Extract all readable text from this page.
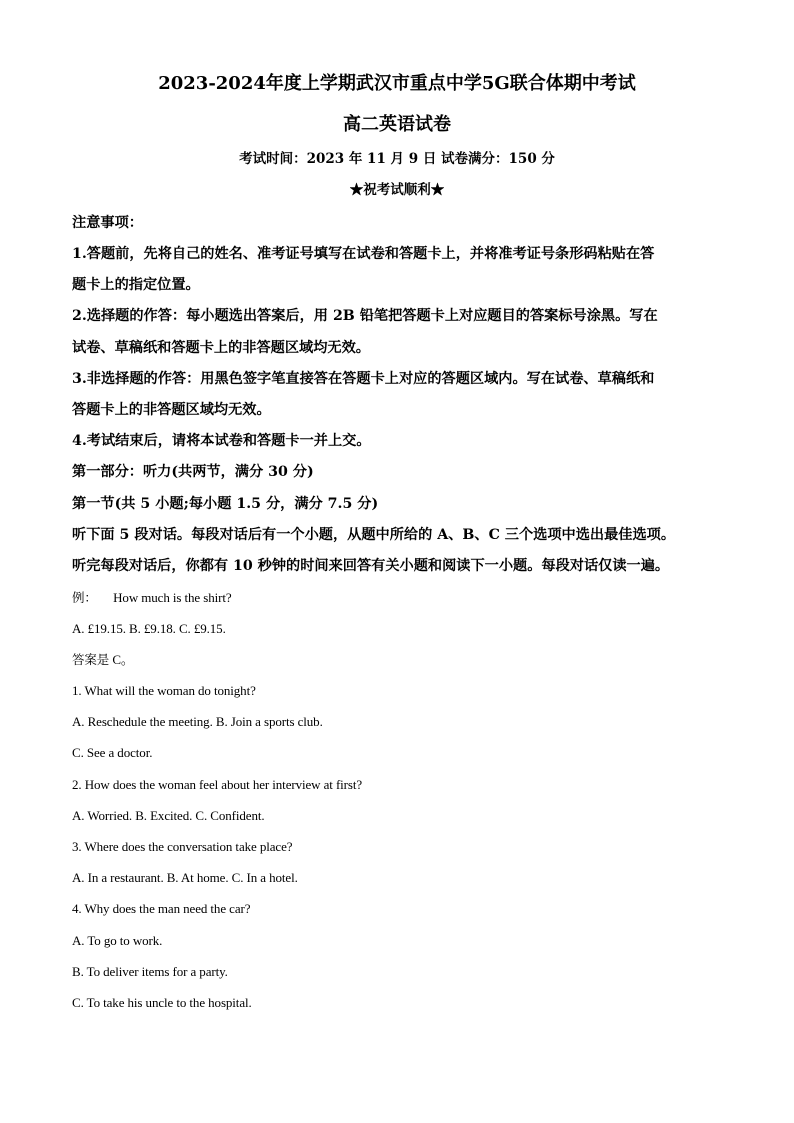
2023-2024年度上学期武汉市重点中学5G联合体期中考试
高二英语试卷
考试时间：2023 年 11 月 9 日 试卷满分：150 分
★祝考试顺利★
注意事项：
1.答题前，先将自己的姓名、准考证号填写在试卷和答题卡上，并将准考证号条形码粘贴在答
题卡上的指定位置。
2.选择题的作答：每小题选出答案后，用 2B 铅笔把答题卡上对应题目的答案标号涂黑。写在
试卷、草稿纸和答题卡上的非答题区域均无效。
3.非选择题的作答：用黑色签字笔直接答在答题卡上对应的答题区域内。写在试卷、草稿纸和
答题卡上的非答题区域均无效。
4.考试结束后，请将本试卷和答题卡一并上交。
第一部分：听力(共两节，满分 30 分)
第一节(共 5 小题;每小题 1.5 分，满分 7.5 分)
听下面 5 段对话。每段对话后有一个小题，从题中所给的 A、B、C 三个选项中选出最佳选项。
听完每段对话后，你都有 10 秒钟的时间来回答有关小题和阅读下一小题。每段对话仅读一遍。
例： How much is the shirt?
A. £19.15. B. £9.18. C. £9.15.
答案是 C。
1. What will the woman do tonight?
A. Reschedule the meeting. B. Join a sports club.
C. See a doctor.
2. How does the woman feel about her interview at first?
A. Worried. B. Excited. C. Confident.
3. Where does the conversation take place?
A. In a restaurant. B. At home. C. In a hotel.
4. Why does the man need the car?
A. To go to work.
B. To deliver items for a party.
C. To take his uncle to the hospital.
